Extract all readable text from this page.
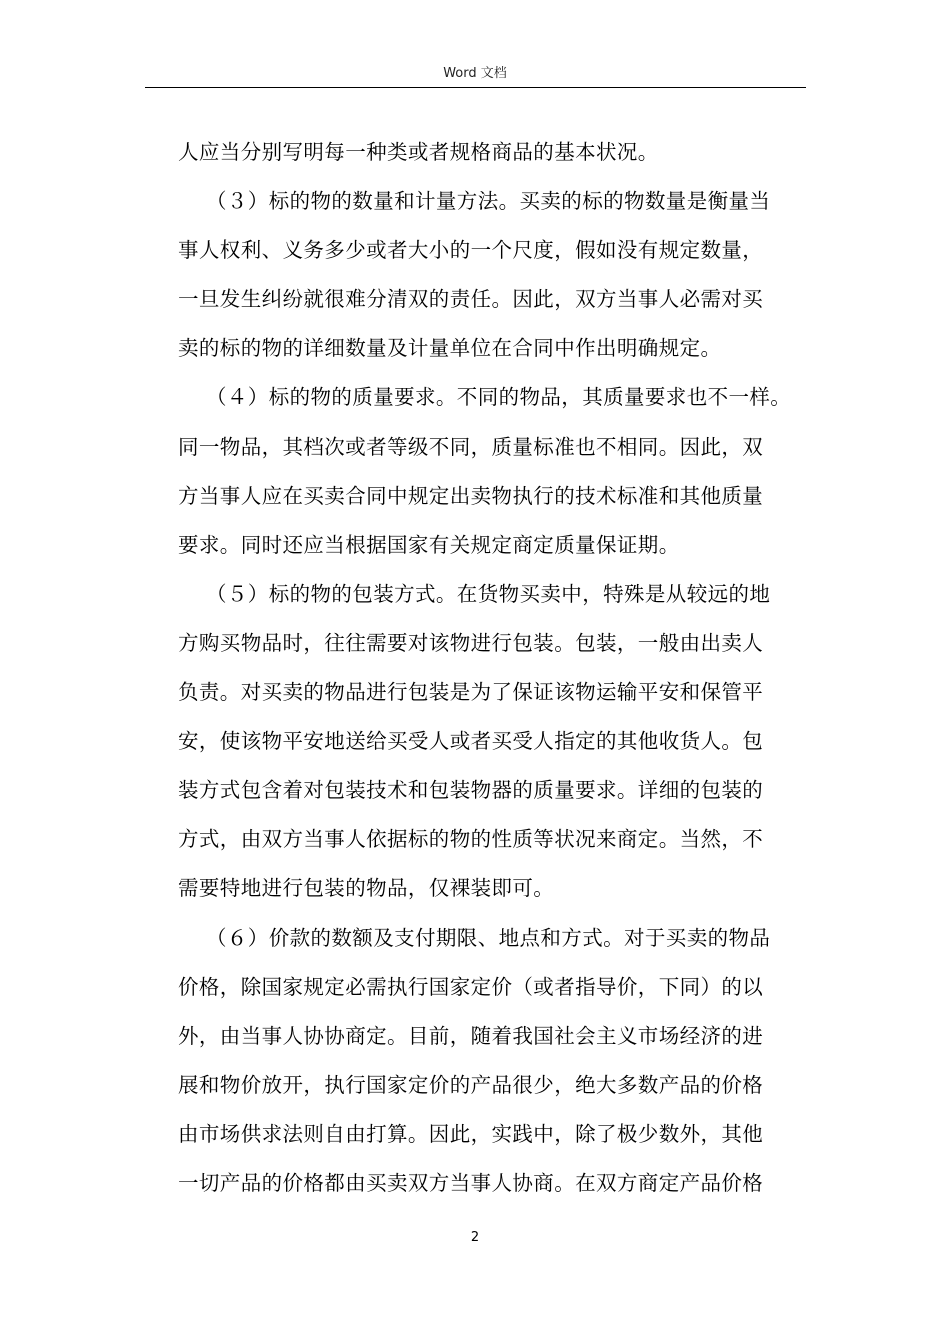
Word 文档
人应当分别写明每一种类或者规格商品的基本状况。
（３）标的物的数量和计量方法。买卖的标的物数量是衡量当
事人权利、义务多少或者大小的一个尺度，假如没有规定数量，
一旦发生纠纷就很难分清双的责任。因此，双方当事人必需对买
卖的标的物的详细数量及计量单位在合同中作出明确规定。
（４）标的物的质量要求。不同的物品，其质量要求也不一样。
同一物品，其档次或者等级不同，质量标准也不相同。因此，双
方当事人应在买卖合同中规定出卖物执行的技术标准和其他质量
要求。同时还应当根据国家有关规定商定质量保证期。
（５）标的物的包装方式。在货物买卖中，特殊是从较远的地
方购买物品时，往往需要对该物进行包装。包装，一般由出卖人
负责。对买卖的物品进行包装是为了保证该物运输平安和保管平
安，使该物平安地送给买受人或者买受人指定的其他收货人。包
装方式包含着对包装技术和包装物器的质量要求。详细的包装的
方式，由双方当事人依据标的物的性质等状况来商定。当然，不
需要特地进行包装的物品，仅裸装即可。
（６）价款的数额及支付期限、地点和方式。对于买卖的物品
价格，除国家规定必需执行国家定价（或者指导价，下同）的以
外，由当事人协协商定。目前，随着我国社会主义市场经济的进
展和物价放开，执行国家定价的产品很少，绝大多数产品的价格
由市场供求法则自由打算。因此，实践中，除了极少数外，其他
一切产品的价格都由买卖双方当事人协商。在双方商定产品价格
2
